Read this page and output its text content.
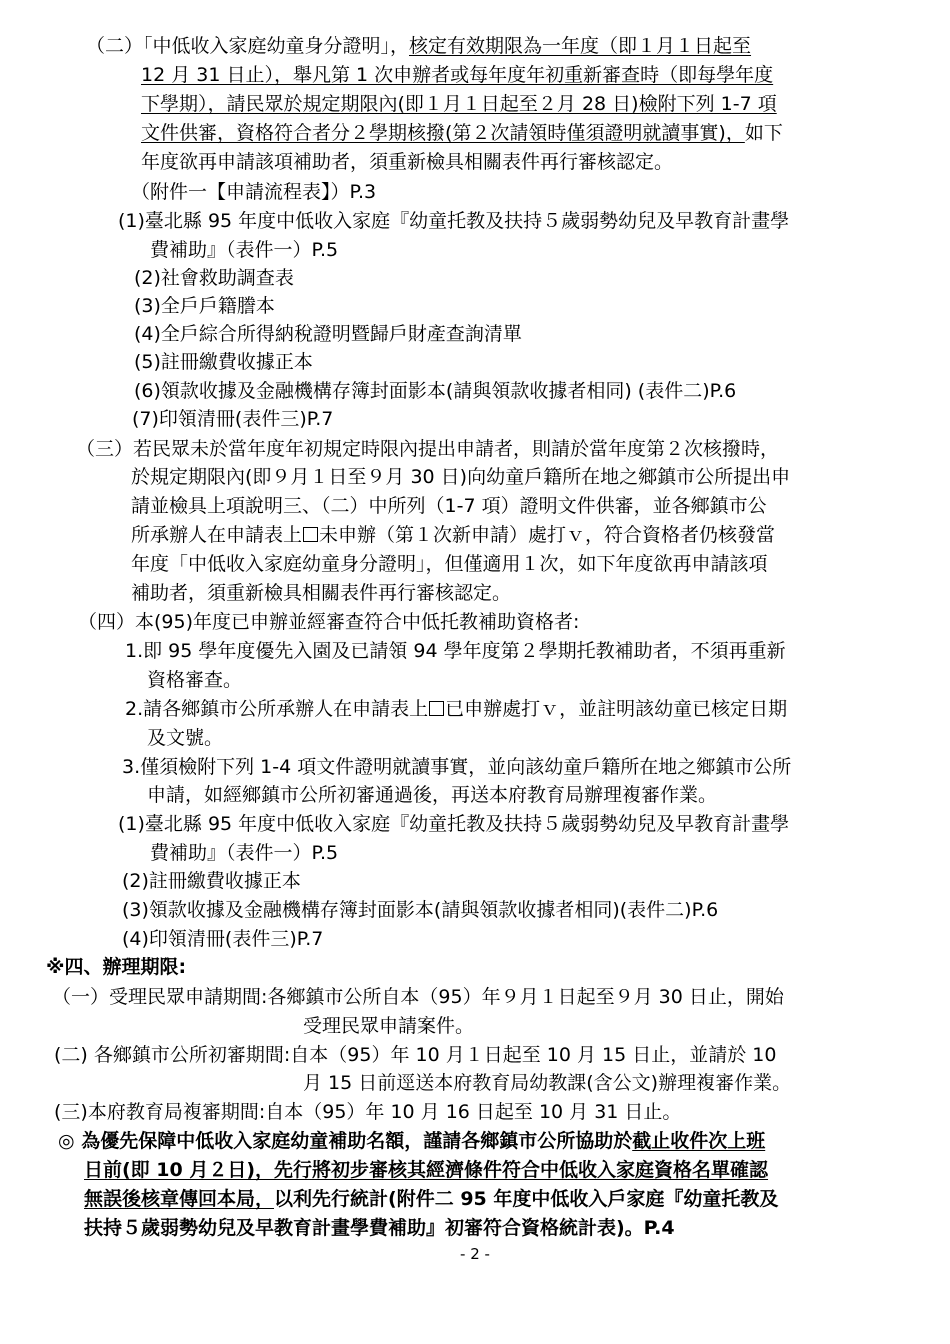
（二）「中低收入家庭幼童身分證明」，核定有效期限為一年度（即１月１日起至
12 月 31 日止），舉凡第 1 次申辦者或每年度年初重新審查時（即每學年度
下學期），請民眾於規定期限內(即１月１日起至２月 28 日)檢附下列 1-7 項
文件供審，資格符合者分２學期核撥(第２次請領時僅須證明就讀事實)，如下
年度欲再申請該項補助者，須重新檢具相關表件再行審核認定。
（附件一【申請流程表】）P.3
(1)臺北縣 95 年度中低收入家庭『幼童托教及扶持５歲弱勢幼兒及早教育計畫學
費補助』（表件一）P.5
(2)社會救助調查表
(3)全戶戶籍謄本
(4)全戶綜合所得納稅證明暨歸戶財產查詢清單
(5)註冊繳費收據正本
(6)領款收據及金融機構存簿封面影本(請與領款收據者相同) (表件二)P.6
(7)印領清冊(表件三)P.7
（三）若民眾未於當年度年初規定時限內提出申請者，則請於當年度第２次核撥時，
於規定期限內(即９月１日至９月 30 日)向幼童戶籍所在地之鄉鎮市公所提出申
請並檢具上項說明三、（二）中所列（1-7 項）證明文件供審，並各鄉鎮市公
所承辦人在申請表上 未申辦（第１次新申請）處打ｖ，符合資格者仍核發當
年度「中低收入家庭幼童身分證明」，但僅適用１次，如下年度欲再申請該項
補助者，須重新檢具相關表件再行審核認定。
（四）本(95)年度已申辦並經審查符合中低托教補助資格者:
1.即 95 學年度優先入園及已請領 94 學年度第２學期托教補助者，不須再重新
資格審查。
2.請各鄉鎮市公所承辦人在申請表上 已申辦處打ｖ，並註明該幼童已核定日期
及文號。
3.僅須檢附下列 1-4 項文件證明就讀事實，並向該幼童戶籍所在地之鄉鎮市公所
申請，如經鄉鎮市公所初審通過後，再送本府教育局辦理複審作業。
(1)臺北縣 95 年度中低收入家庭『幼童托教及扶持５歲弱勢幼兒及早教育計畫學
費補助』（表件一）P.5
(2)註冊繳費收據正本
(3)領款收據及金融機構存簿封面影本(請與領款收據者相同)(表件二)P.6
(4)印領清冊(表件三)P.7
※四、辦理期限:
（一）受理民眾申請期間:各鄉鎮市公所自本（95）年９月１日起至９月 30 日止，開始
受理民眾申請案件。
(二) 各鄉鎮市公所初審期間:自本（95）年 10 月１日起至 10 月 15 日止，並請於 10
月 15 日前逕送本府教育局幼教課(含公文)辦理複審作業。
(三)本府教育局複審期間:自本（95）年 10 月 16 日起至 10 月 31 日止。
◎ 為優先保障中低收入家庭幼童補助名額，謹請各鄉鎮市公所協助於截止收件次上班
日前(即 10 月２日)，先行將初步審核其經濟條件符合中低收入家庭資格名單確認
無誤後核章傳回本局，以利先行統計(附件二 95 年度中低收入戶家庭『幼童托教及
扶持５歲弱勢幼兒及早教育計畫學費補助』初審符合資格統計表)。P.4
- 2 -
